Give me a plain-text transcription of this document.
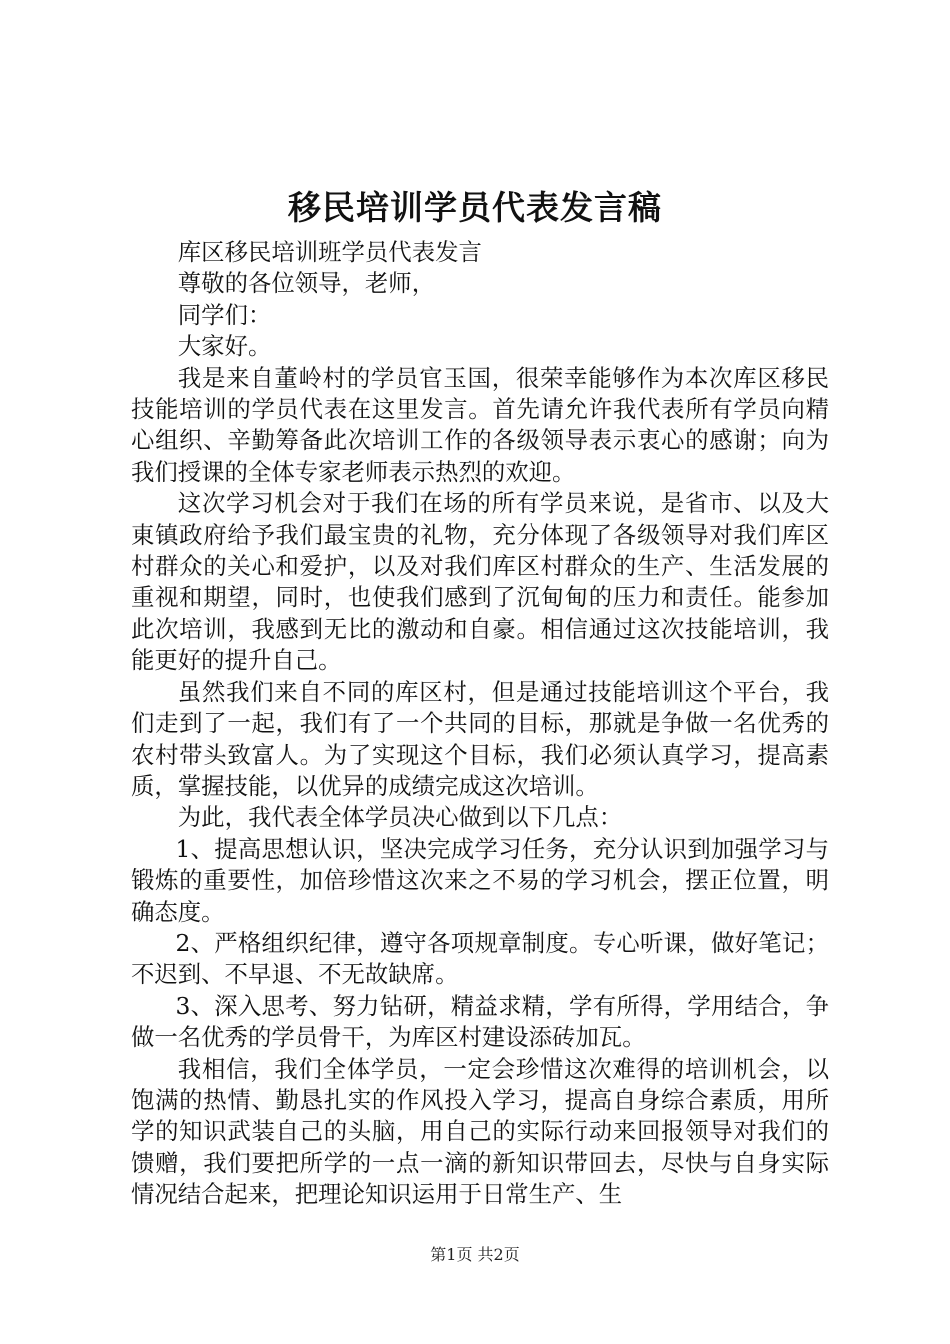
移民培训学员代表发言稿

库区移民培训班学员代表发言

尊敬的各位领导，老师，

同学们：

大家好。

我是来自董岭村的学员官玉国，很荣幸能够作为本次库区移民技能培训的学员代表在这里发言。首先请允许我代表所有学员向精心组织、辛勤筹备此次培训工作的各级领导表示衷心的感谢；向为我们授课的全体专家老师表示热烈的欢迎。

这次学习机会对于我们在场的所有学员来说，是省市、以及大東镇政府给予我们最宝贵的礼物，充分体现了各级领导对我们库区村群众的关心和爱护，以及对我们库区村群众的生产、生活发展的重视和期望，同时，也使我们感到了沉甸甸的压力和责任。能参加此次培训，我感到无比的激动和自豪。相信通过这次技能培训，我能更好的提升自己。

虽然我们来自不同的库区村，但是通过技能培训这个平台，我们走到了一起，我们有了一个共同的目标，那就是争做一名优秀的农村带头致富人。为了实现这个目标，我们必须认真学习，提高素质，掌握技能，以优异的成绩完成这次培训。

为此，我代表全体学员决心做到以下几点：

1、提高思想认识，坚决完成学习任务，充分认识到加强学习与锻炼的重要性，加倍珍惜这次来之不易的学习机会，摆正位置，明确态度。

2、严格组织纪律，遵守各项规章制度。专心听课，做好笔记；不迟到、不早退、不无故缺席。

3、深入思考、努力钻研，精益求精，学有所得，学用结合，争做一名优秀的学员骨干，为库区村建设添砖加瓦。

我相信，我们全体学员，一定会珍惜这次难得的培训机会，以饱满的热情、勤恳扎实的作风投入学习，提高自身综合素质，用所学的知识武装自己的头脑，用自己的实际行动来回报领导对我们的馈赠，我们要把所学的一点一滴的新知识带回去，尽快与自身实际情况结合起来，把理论知识运用于日常生产、生

第1页 共2页
